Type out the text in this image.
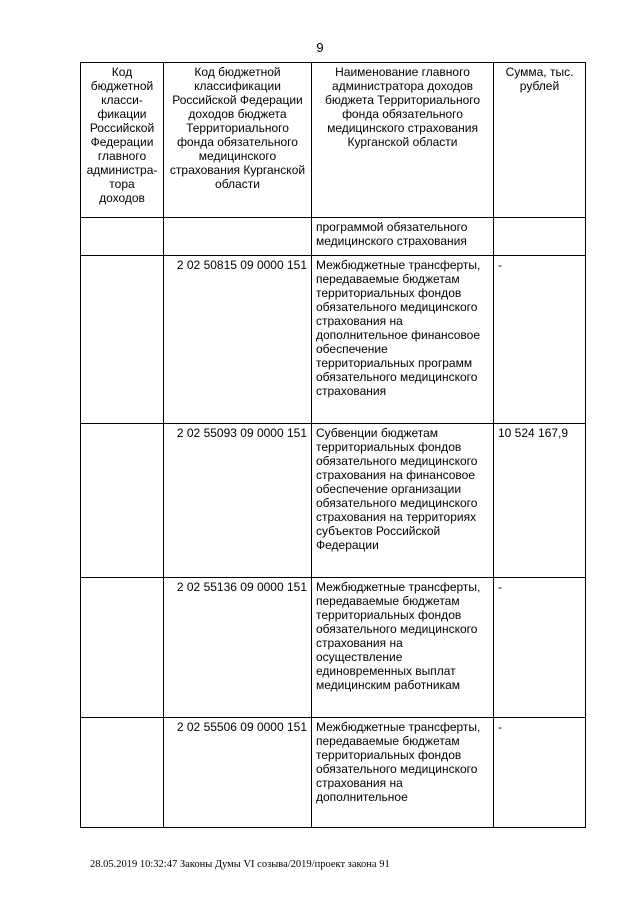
9
Код бюджетной класси-фикации Российской Федерации главного администра-тора доходов	Код бюджетной классификации Российской Федерации доходов бюджета Территориального фонда обязательного медицинского страхования Курганской области	Наименование главного администратора доходов бюджета Территориального фонда обязательного медицинского страхования Курганской области	Сумма, тыс. рублей
		программой обязательного медицинского страхования	
	2 02 50815 09 0000 151	Межбюджетные трансферты, передаваемые бюджетам территориальных фондов обязательного медицинского страхования на дополнительное финансовое обеспечение территориальных программ обязательного медицинского страхования	-
	2 02 55093 09 0000 151	Субвенции бюджетам территориальных фондов обязательного медицинского страхования на финансовое обеспечение организации обязательного медицинского страхования на территориях субъектов Российской Федерации	10 524 167,9
	2 02 55136 09 0000 151	Межбюджетные трансферты, передаваемые бюджетам территориальных фондов обязательного медицинского страхования на осуществление единовременных выплат медицинским работникам	-
	2 02 55506 09 0000 151	Межбюджетные трансферты, передаваемые бюджетам территориальных фондов обязательного медицинского страхования на дополнительное	-
28.05.2019 10:32:47 Законы Думы VI созыва/2019/проект закона 91
